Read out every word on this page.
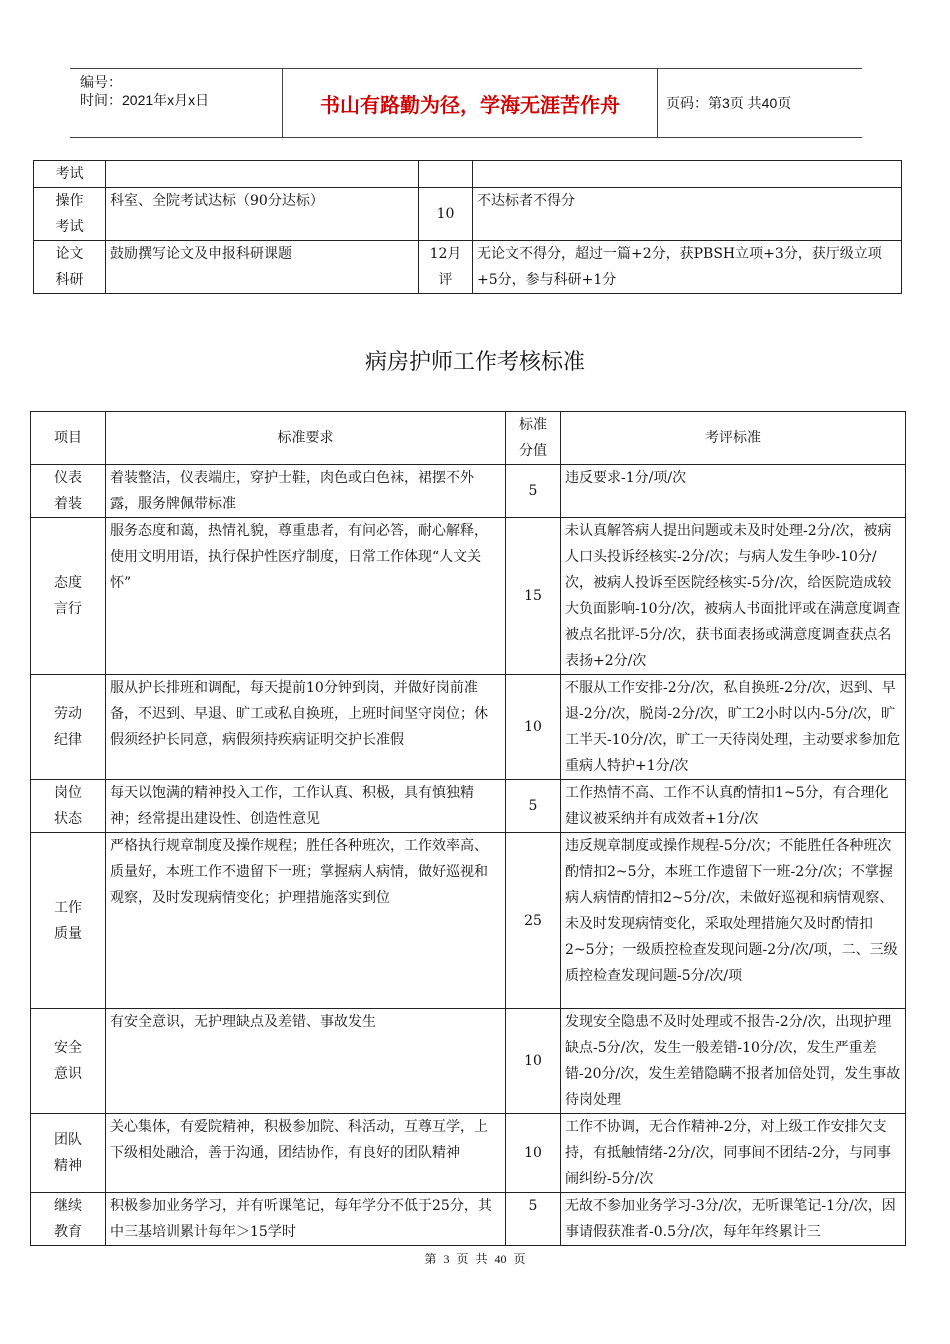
编号：
时间：2021年x月x日	书山有路勤为径，学海无涯苦作舟	页码：第3页 共40页
考试			
操作考试	科室、全院考试达标（90分达标）	10	不达标者不得分
论文科研	鼓励撰写论文及申报科研课题	12月评	无论文不得分，超过一篇+2分，获PBSH立项+3分，获厅级立项+5分，参与科研+1分
病房护师工作考核标准
项目	标准要求	标准分值	考评标准
仪表着装	着装整洁，仪表端庄，穿护士鞋，肉色或白色袜，裙摆不外露，服务牌佩带标准	5	违反要求-1分/项/次
态度言行	服务态度和蔼，热情礼貌，尊重患者，有问必答，耐心解释，使用文明用语，执行保护性医疗制度，日常工作体现“人文关怀”	15	未认真解答病人提出问题或未及时处理-2分/次，被病人口头投诉经核实-2分/次；与病人发生争吵-10分/次，被病人投诉至医院经核实-5分/次，给医院造成较大负面影响-10分/次，被病人书面批评或在满意度调查被点名批评-5分/次，获书面表扬或满意度调查获点名表扬+2分/次
劳动纪律	服从护长排班和调配，每天提前10分钟到岗，并做好岗前准备，不迟到、早退、旷工或私自换班，上班时间坚守岗位；休假须经护长同意，病假须持疾病证明交护长准假	10	不服从工作安排-2分/次，私自换班-2分/次，迟到、早退-2分/次，脱岗-2分/次，旷工2小时以内-5分/次，旷工半天-10分/次，旷工一天待岗处理，主动要求参加危重病人特护+1分/次
岗位状态	每天以饱满的精神投入工作，工作认真、积极，具有慎独精神；经常提出建设性、创造性意见	5	工作热情不高、工作不认真酌情扣1~5分，有合理化建议被采纳并有成效者+1分/次
工作质量	严格执行规章制度及操作规程；胜任各种班次，工作效率高、质量好，本班工作不遗留下一班；掌握病人病情，做好巡视和观察，及时发现病情变化；护理措施落实到位	25	违反规章制度或操作规程-5分/次；不能胜任各种班次酌情扣2~5分，本班工作遗留下一班-2分/次；不掌握病人病情酌情扣2~5分/次，未做好巡视和病情观察、未及时发现病情变化，采取处理措施欠及时酌情扣2~5分；一级质控检查发现问题-2分/次/项，二、三级质控检查发现问题-5分/次/项
安全意识	有安全意识，无护理缺点及差错、事故发生	10	发现安全隐患不及时处理或不报告-2分/次，出现护理缺点-5分/次，发生一般差错-10分/次，发生严重差错-20分/次，发生差错隐瞒不报者加倍处罚，发生事故待岗处理
团队精神	关心集体，有爱院精神，积极参加院、科活动，互尊互学，上下级相处融洽，善于沟通，团结协作，有良好的团队精神	10	工作不协调，无合作精神-2分，对上级工作安排欠支持，有抵触情绪-2分/次，同事间不团结-2分，与同事闹纠纷-5分/次
继续教育	积极参加业务学习，并有听课笔记，每年学分不低于25分，其中三基培训累计每年＞15学时	5	无故不参加业务学习-3分/次，无听课笔记-1分/次，因事请假获准者-0.5分/次，每年年终累计三
第 3 页 共 40 页
